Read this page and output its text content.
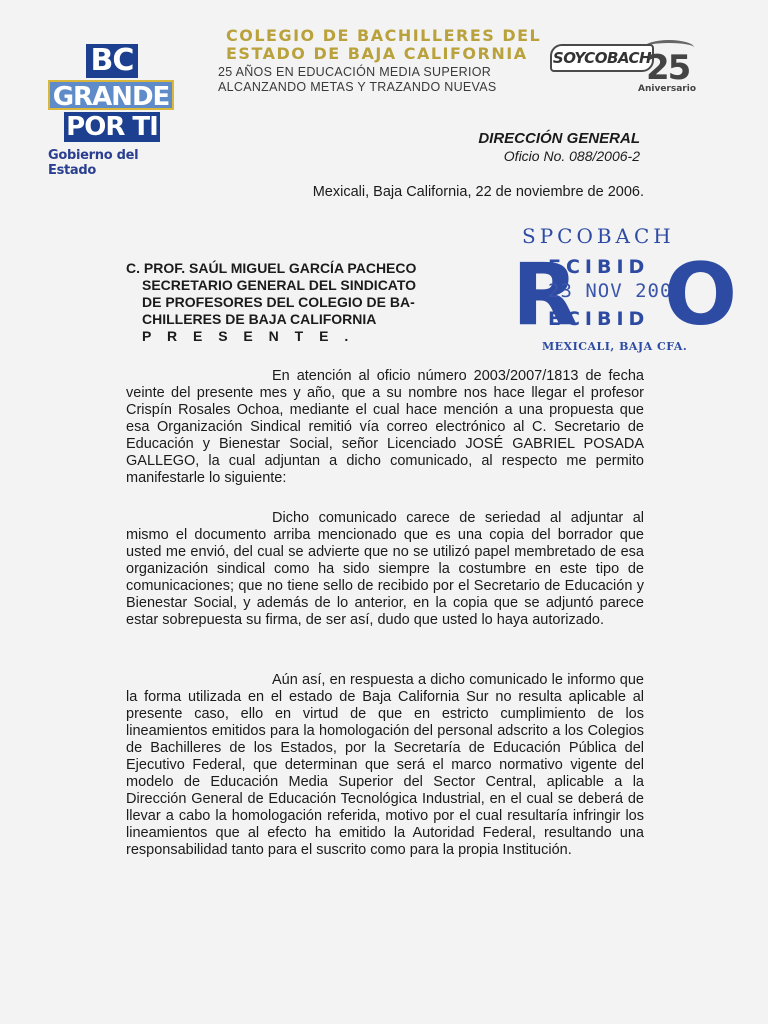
BC
GRANDE
POR TI
Gobierno del Estado
COLEGIO DE BACHILLERES DEL
ESTADO DE BAJA CALIFORNIA
25 AÑOS EN EDUCACIÓN MEDIA SUPERIOR
ALCANZANDO METAS Y TRAZANDO NUEVAS
SOYCOBACH
25
Aniversario
DIRECCIÓN GENERAL
Oficio No. 088/2006-2
Mexicali, Baja California, 22 de noviembre de 2006.
SPCOBACH
R
ECIBID
23 NOV 2006
ECIBID O
MEXICALI, BAJA CFA.
C. PROF. SAÚL MIGUEL GARCÍA PACHECO
SECRETARIO GENERAL DEL SINDICATO
DE PROFESORES DEL COLEGIO DE BA-
CHILLERES DE BAJA CALIFORNIA
P R E S E N T E .
En atención al oficio número 2003/2007/1813 de fecha veinte del presente mes y año, que a su nombre nos hace llegar el profesor Crispín Rosales Ochoa, mediante el cual hace mención a una propuesta que esa Organización Sindical remitió vía correo electrónico al C. Secretario de Educación y Bienestar Social, señor Licenciado JOSÉ GABRIEL POSADA GALLEGO, la cual adjuntan a dicho comunicado, al respecto me permito manifestarle lo siguiente:
Dicho comunicado carece de seriedad al adjuntar al mismo el documento arriba mencionado que es una copia del borrador que usted me envió, del cual se advierte que no se utilizó papel membretado de esa organización sindical como ha sido siempre la costumbre en este tipo de comunicaciones; que no tiene sello de recibido por el Secretario de Educación y Bienestar Social, y además de lo anterior, en la copia que se adjuntó parece estar sobrepuesta su firma, de ser así, dudo que usted lo haya autorizado.
Aún así, en respuesta a dicho comunicado le informo que la forma utilizada en el estado de Baja California Sur no resulta aplicable al presente caso, ello en virtud de que en estricto cumplimiento de los lineamientos emitidos para la homologación del personal adscrito a los Colegios de Bachilleres de los Estados, por la Secretaría de Educación Pública del Ejecutivo Federal, que determinan que será el marco normativo vigente del modelo de Educación Media Superior del Sector Central, aplicable a la Dirección General de Educación Tecnológica Industrial, en el cual se deberá de llevar a cabo la homologación referida, motivo por el cual resultaría infringir los lineamientos que al efecto ha emitido la Autoridad Federal, resultando una responsabilidad tanto para el suscrito como para la propia Institución.
